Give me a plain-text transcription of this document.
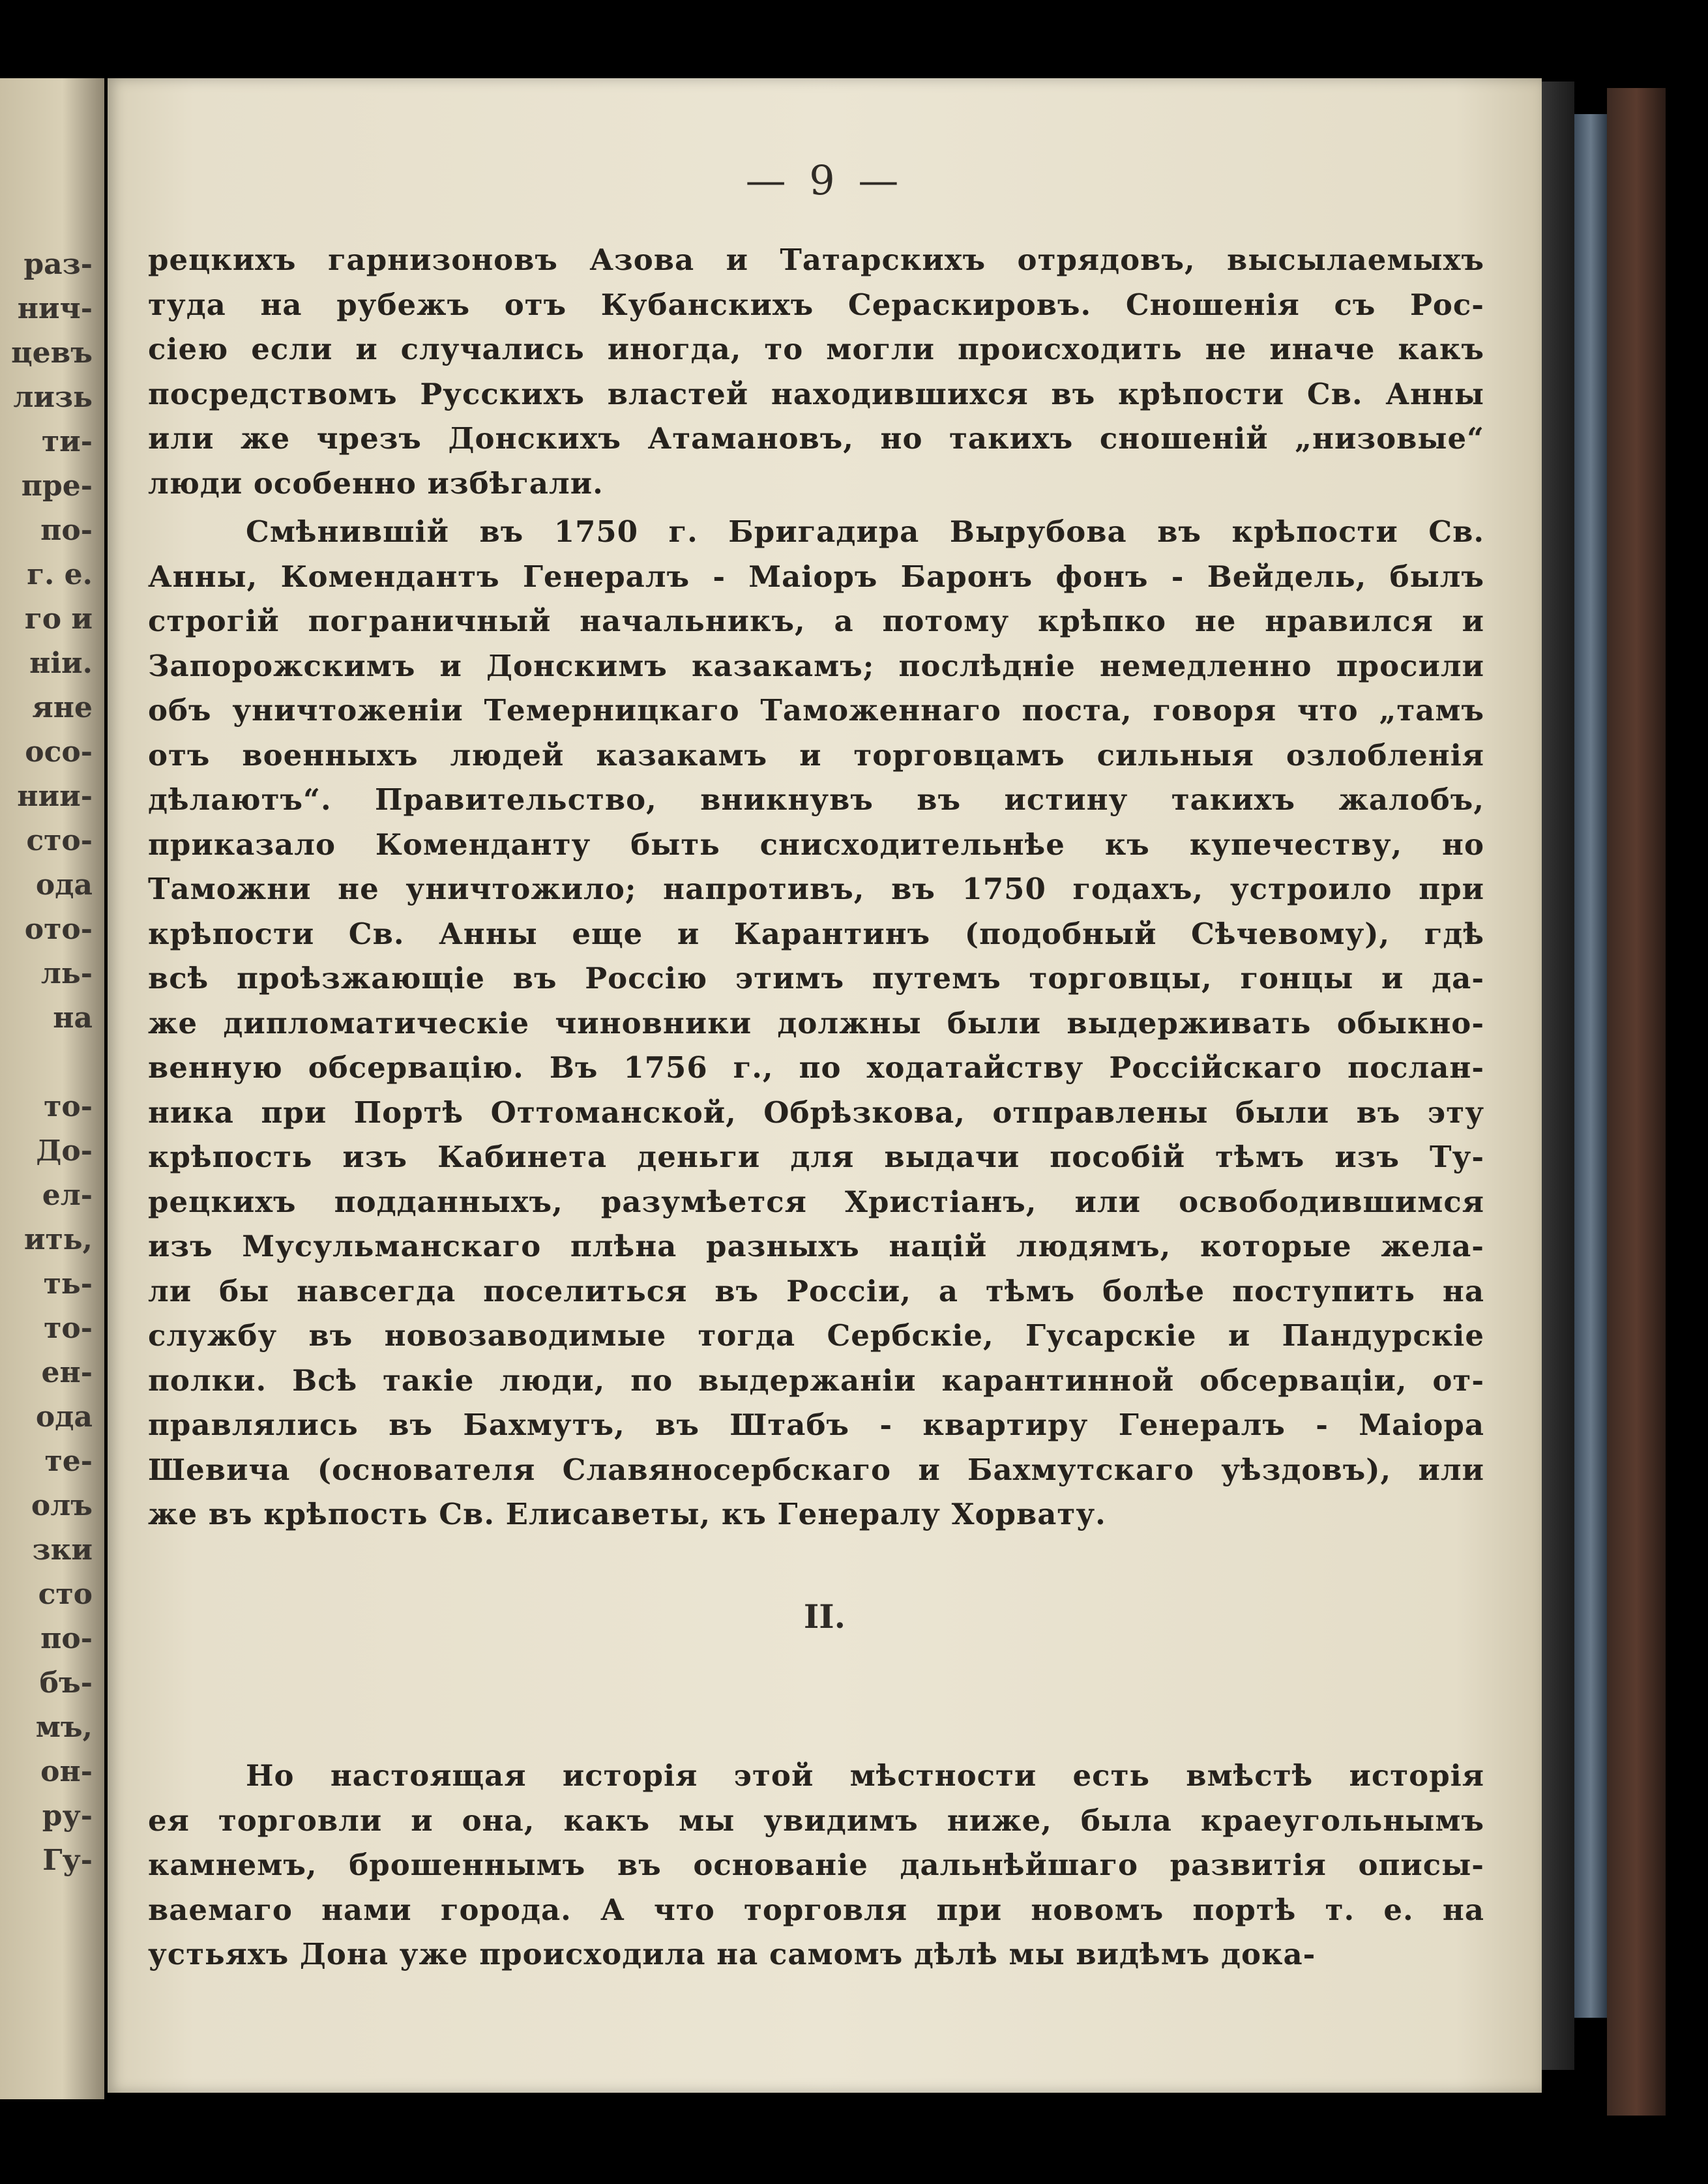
раз-
нич-
цевъ
лизь
ти-
пре-
по-
г. е.
го и
нiи.
яне
осо-
нии-
сто-
ода
ото-
ль-
на
то-
До-
ел-
ить,
ть-
то-
ен-
ода
те-
олъ
зки
сто
по-
бъ-
мъ,
он-
ру-
Гу-
— 9 —
рецкихъ гарнизоновъ Азова и Татарскихъ отрядовъ, высылаемыхъ
туда на рубежъ отъ Кубанскихъ Сераскировъ. Сношенiя съ Рос-
сiею если и случались иногда, то могли происходить не иначе какъ
посредствомъ Русскихъ властей находившихся въ крѣпости Св. Анны
или же чрезъ Донскихъ Атамановъ, но такихъ сношенiй „низовые“
люди особенно избѣгали.
Смѣнившiй въ 1750 г. Бригадира Вырубова въ крѣпости Св.
Анны, Комендантъ Генералъ - Маiоръ Баронъ фонъ - Вейдель, былъ
строгiй пограничный начальникъ, а потому крѣпко не нравился и
Запорожскимъ и Донскимъ казакамъ; послѣднiе немедленно просили
объ уничтоженiи Темерницкаго Таможеннаго поста, говоря что „тамъ
отъ военныхъ людей казакамъ и торговцамъ сильныя озлобленiя
дѣлаютъ“. Правительство, вникнувъ въ истину такихъ жалобъ,
приказало Коменданту быть снисходительнѣе къ купечеству, но
Таможни не уничтожило; напротивъ, въ 1750 годахъ, устроило при
крѣпости Св. Анны еще и Карантинъ (подобный Сѣчевому), гдѣ
всѣ проѣзжающiе въ Россiю этимъ путемъ торговцы, гонцы и да-
же дипломатическiе чиновники должны были выдерживать обыкно-
венную обсервацiю. Въ 1756 г., по ходатайству Россiйскаго послан-
ника при Портѣ Оттоманской, Обрѣзкова, отправлены были въ эту
крѣпость изъ Кабинета деньги для выдачи пособiй тѣмъ изъ Ту-
рецкихъ подданныхъ, разумѣется Христiанъ, или освободившимся
изъ Мусульманскаго плѣна разныхъ нацiй людямъ, которые жела-
ли бы навсегда поселиться въ Россiи, а тѣмъ болѣе поступить на
службу въ новозаводимые тогда Сербскiе, Гусарскiе и Пандурскiе
полки. Всѣ такiе люди, по выдержанiи карантинной обсервацiи, от-
правлялись въ Бахмутъ, въ Штабъ - квартиру Генералъ - Маiора
Шевича (основателя Славяносербскаго и Бахмутскаго уѣздовъ), или
же въ крѣпость Св. Елисаветы, къ Генералу Хорвату.
II.
Но настоящая исторiя этой мѣстности есть вмѣстѣ исторiя
ея торговли и она, какъ мы увидимъ ниже, была краеугольнымъ
камнемъ, брошеннымъ въ основанiе дальнѣйшаго развитiя описы-
ваемаго нами города. А что торговля при новомъ портѣ т. е. на
устьяхъ Дона уже происходила на самомъ дѣлѣ мы видѣмъ дока-
